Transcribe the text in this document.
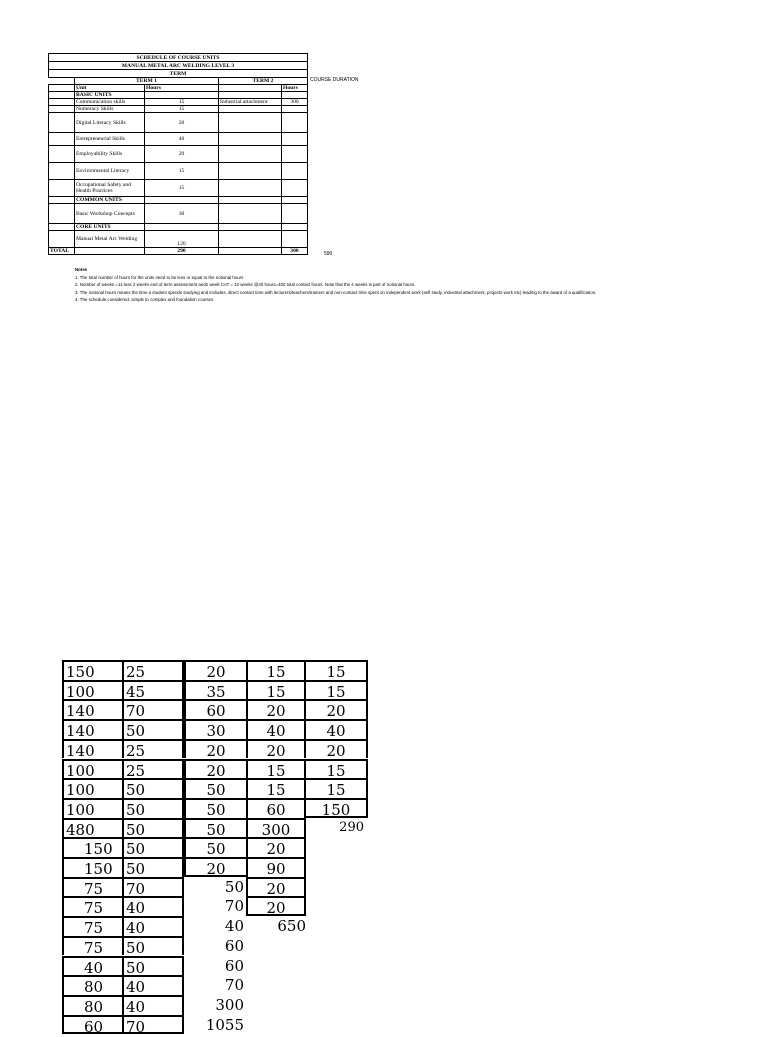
SCHEDULE OF COURSE UNITS				
MANUAL METAL ARC WELDING LEVEL 3				
TERM				
	TERM 1		TERM 2	
	Unit	Hours		Hours
	BASIC UNITS			
	Communication skills	15	Industrial attachment	300
	Numeracy Skills	15		
	Digital Literacy Skills	20		
	Entrepreneurial Skills	40		
	Employability Skills	20		
	Environmental Literacy	15		
	Occupational Safety and Health Practices	15		
	COMMON UNITS			
	Basic Workshop Concepts	30		
	CORE UNITS			
	Manual Metal Arc Welding	120		
TOTAL		290		300
COURSE DURATION
590
Notes
1. The total number of hours for the units need to be less or equal to the notional hours
2. Number of weeks =14 less 2 weeks end of term assessment and2 week CAT = 10 weeks @40 hours=400 total contact hours. Note that the 4 weeks is part of notional hours.
3. The notional hours means the time a student spends studying and includes, direct contact time with lecturers/teachers/trainers and non-contact time spent on independent work (self study, industrial attachment, projects work etc) leading to the award of a qualification.
4. The schedule considered, simple to complex and foundation courses
150	25	20	15	15
100	45	35	15	15
140	70	60	20	20
140	50	30	40	40
140	25	20	20	20
100	25	20	15	15
100	50	50	15	15
100	50	50	60	150
480	50	50	300	290
150 50	50	20
150 50	20	90
75	70	50	20
75	40	70	20
75	40	40	650
75	50	60
40	50	60
80	40	70
80	40	300
60	70	1055
